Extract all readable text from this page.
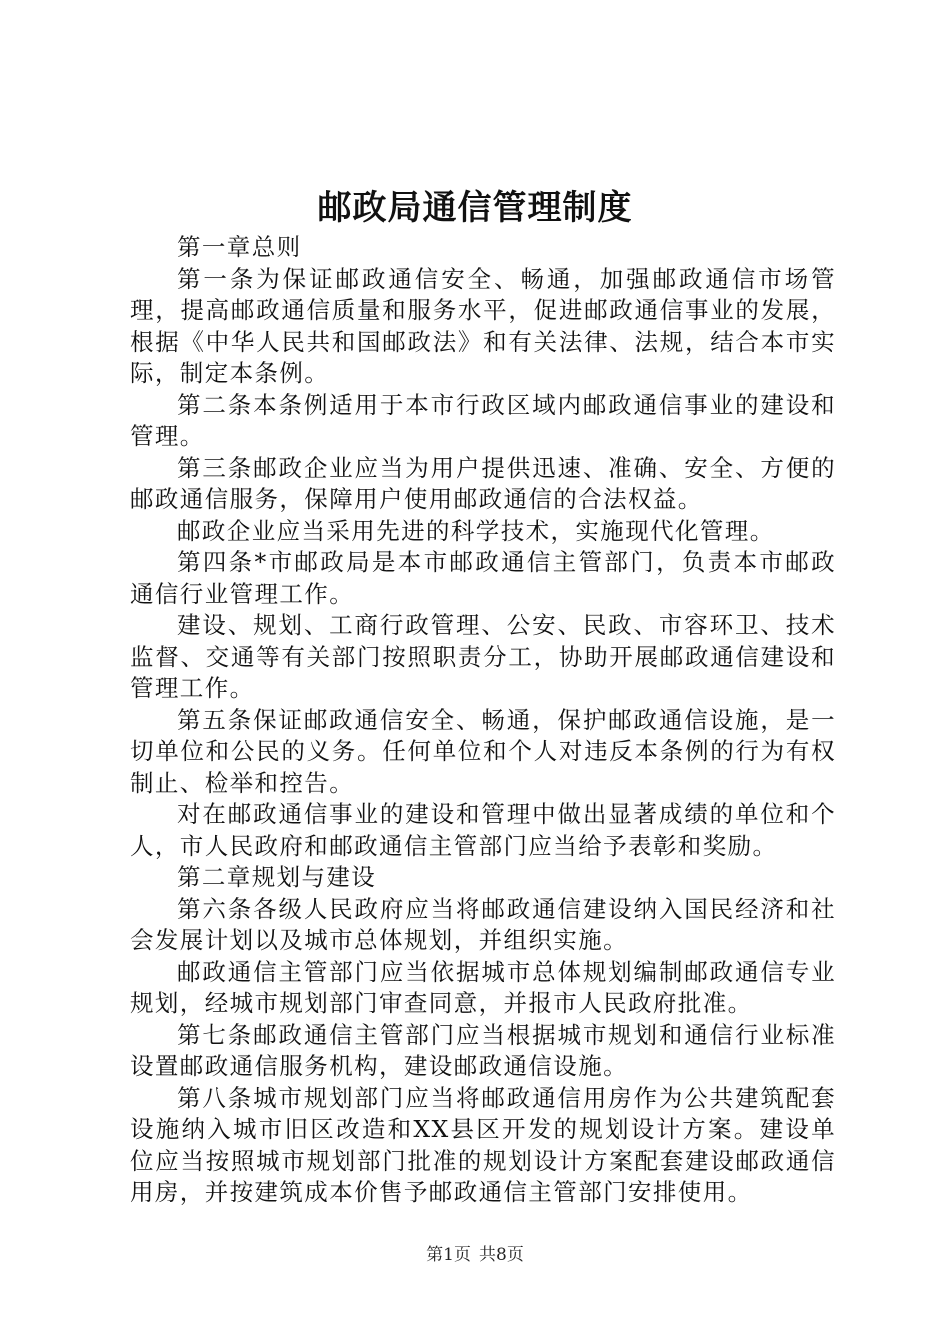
邮政局通信管理制度

第一章总则

第一条为保证邮政通信安全、畅通，加强邮政通信市场管理，提高邮政通信质量和服务水平，促进邮政通信事业的发展，根据《中华人民共和国邮政法》和有关法律、法规，结合本市实际，制定本条例。

第二条本条例适用于本市行政区域内邮政通信事业的建设和管理。

第三条邮政企业应当为用户提供迅速、准确、安全、方便的邮政通信服务，保障用户使用邮政通信的合法权益。

邮政企业应当采用先进的科学技术，实施现代化管理。

第四条*市邮政局是本市邮政通信主管部门，负责本市邮政通信行业管理工作。

建设、规划、工商行政管理、公安、民政、市容环卫、技术监督、交通等有关部门按照职责分工，协助开展邮政通信建设和管理工作。

第五条保证邮政通信安全、畅通，保护邮政通信设施，是一切单位和公民的义务。任何单位和个人对违反本条例的行为有权制止、检举和控告。

对在邮政通信事业的建设和管理中做出显著成绩的单位和个人，市人民政府和邮政通信主管部门应当给予表彰和奖励。

第二章规划与建设

第六条各级人民政府应当将邮政通信建设纳入国民经济和社会发展计划以及城市总体规划，并组织实施。

邮政通信主管部门应当依据城市总体规划编制邮政通信专业规划，经城市规划部门审查同意，并报市人民政府批准。

第七条邮政通信主管部门应当根据城市规划和通信行业标准设置邮政通信服务机构，建设邮政通信设施。

第八条城市规划部门应当将邮政通信用房作为公共建筑配套设施纳入城市旧区改造和XX县区开发的规划设计方案。建设单位应当按照城市规划部门批准的规划设计方案配套建设邮政通信用房，并按建筑成本价售予邮政通信主管部门安排使用。

第1页 共8页
